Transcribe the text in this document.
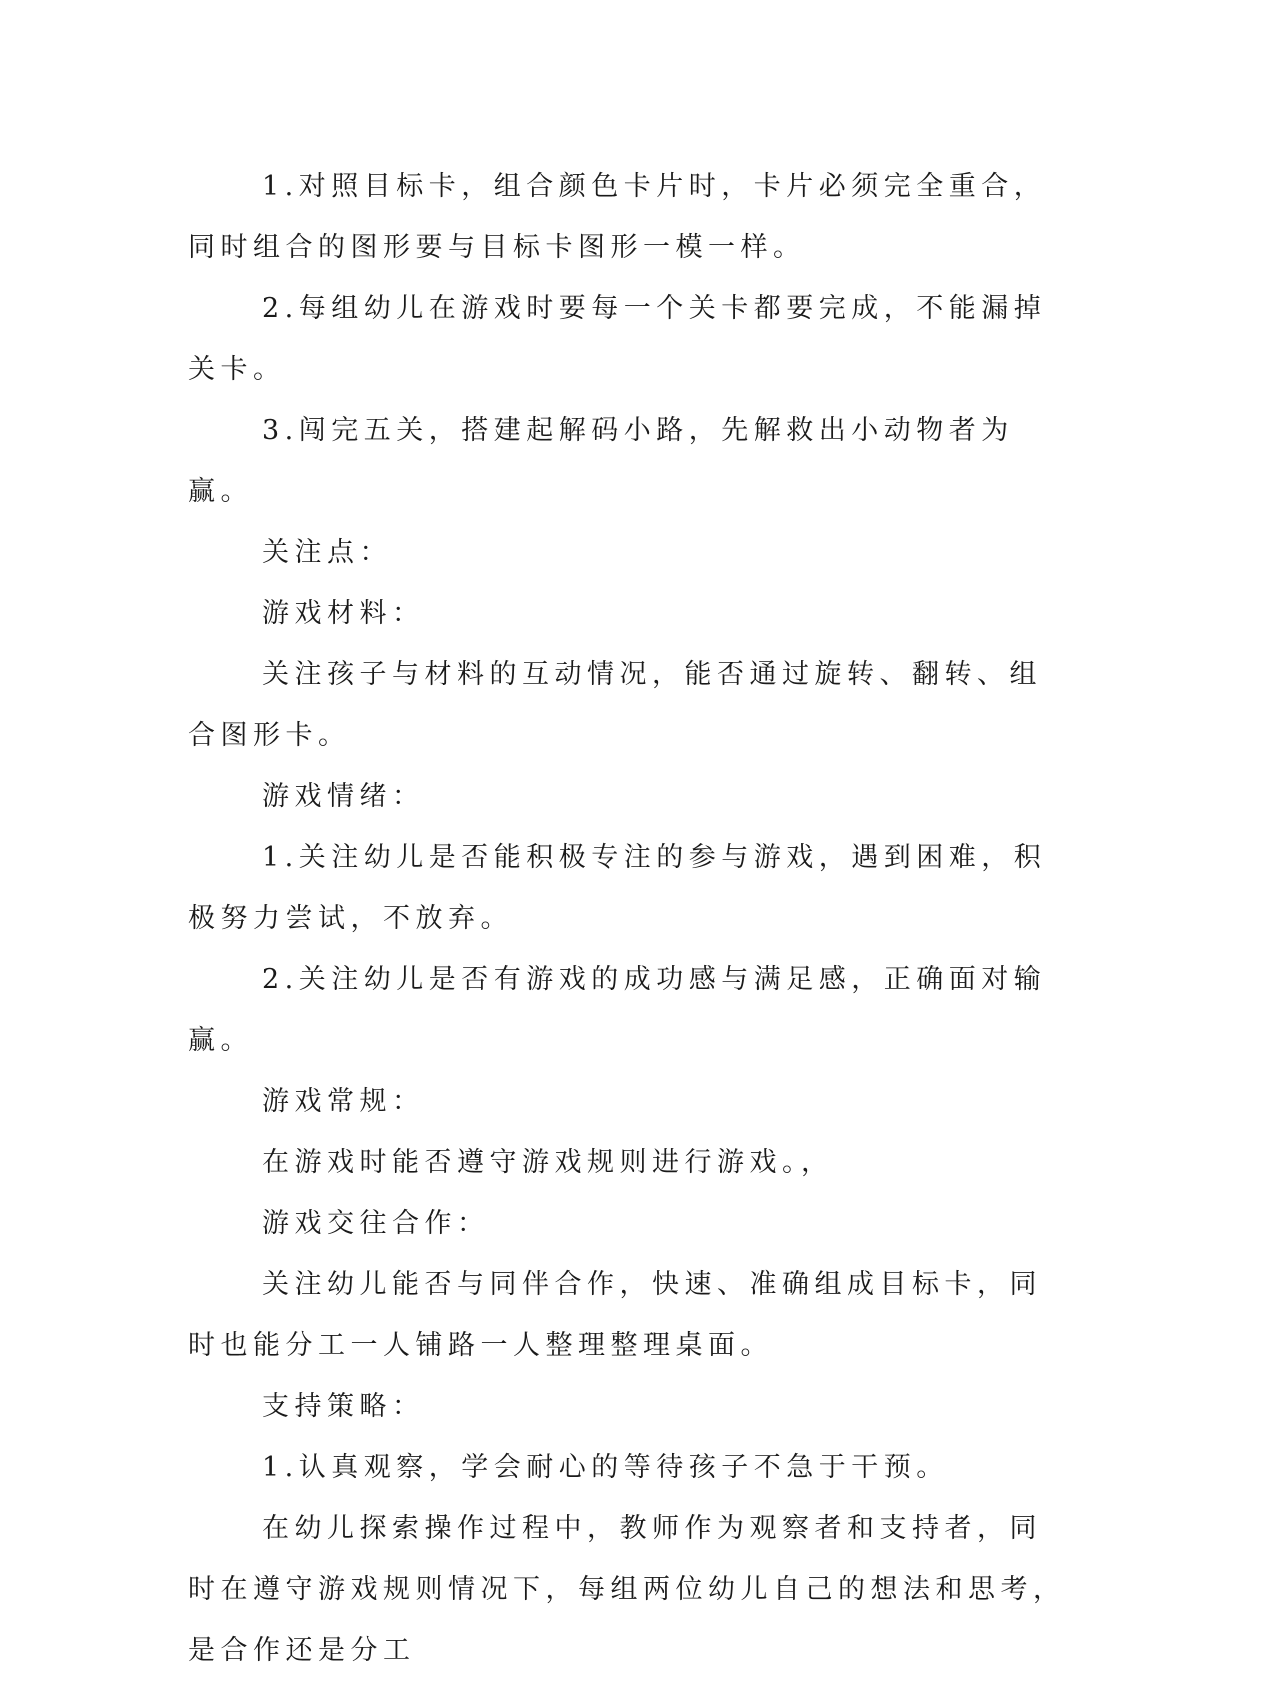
1.对照目标卡，组合颜色卡片时，卡片必须完全重合，同时组合的图形要与目标卡图形一模一样。

2.每组幼儿在游戏时要每一个关卡都要完成，不能漏掉关卡。

3.闯完五关，搭建起解码小路，先解救出小动物者为赢。

关注点：

游戏材料：

关注孩子与材料的互动情况，能否通过旋转、翻转、组合图形卡。

游戏情绪：

1.关注幼儿是否能积极专注的参与游戏，遇到困难，积极努力尝试，不放弃。

2.关注幼儿是否有游戏的成功感与满足感，正确面对输赢。

游戏常规：

在游戏时能否遵守游戏规则进行游戏。，

游戏交往合作：

关注幼儿能否与同伴合作，快速、准确组成目标卡，同时也能分工一人铺路一人整理整理桌面。

支持策略：

1.认真观察，学会耐心的等待孩子不急于干预。

在幼儿探索操作过程中，教师作为观察者和支持者，同时在遵守游戏规则情况下，每组两位幼儿自己的想法和思考，是合作还是分工
